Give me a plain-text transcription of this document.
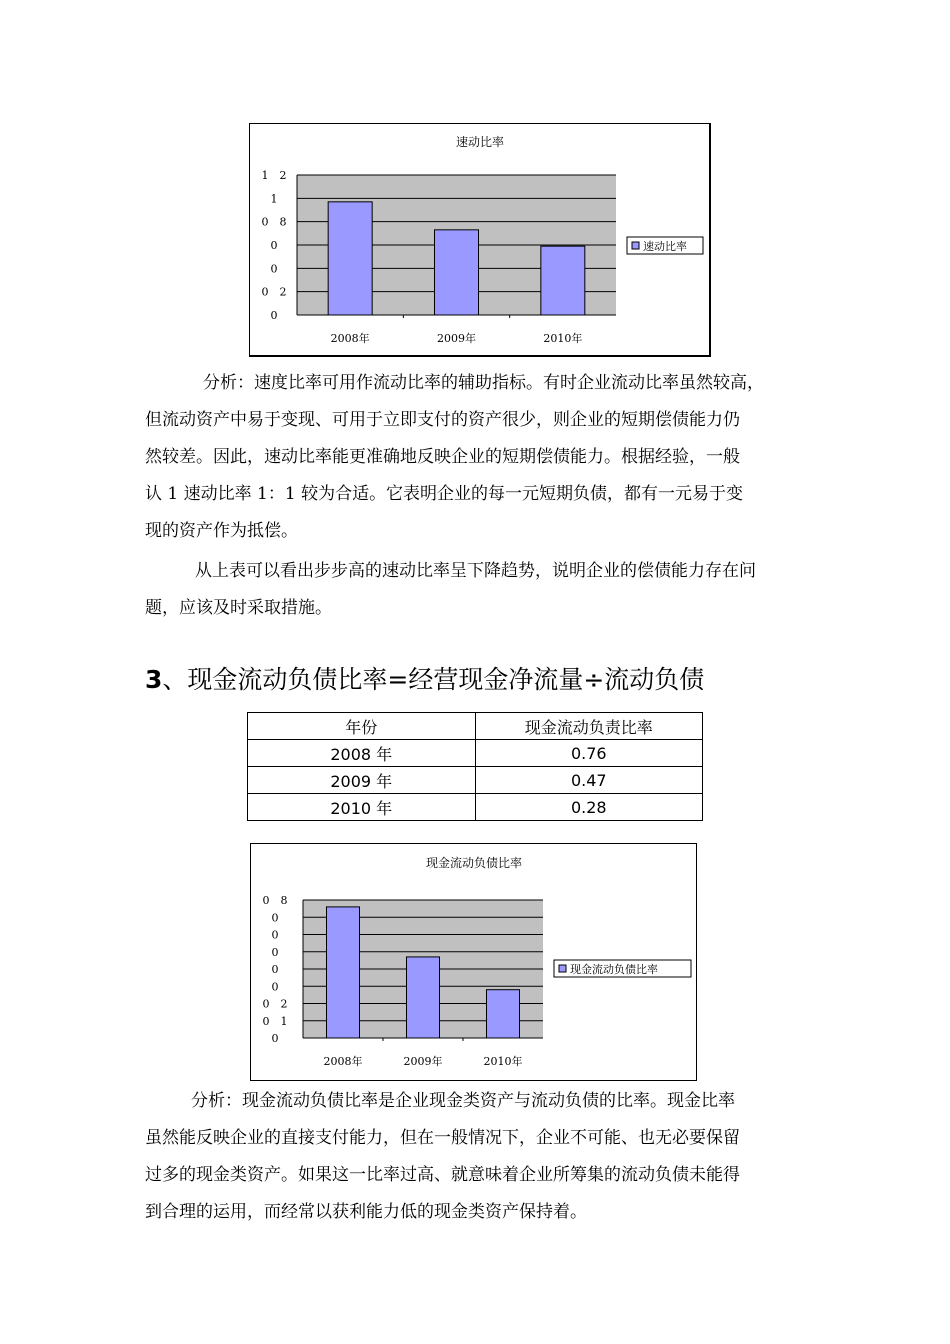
速动比率
0
0 2
0
0
0 8
1
1 2
2008年	2009年	2010年
速动比率
分析：速度比率可用作流动比率的辅助指标。有时企业流动比率虽然较高，
但流动资产中易于变现、可用于立即支付的资产很少，则企业的短期偿债能力仍
然较差。因此，速动比率能更准确地反映企业的短期偿债能力。根据经验，一般
认 1 速动比率 1：1 较为合适。它表明企业的每一元短期负债，都有一元易于变
现的资产作为抵偿。
从上表可以看出步步高的速动比率呈下降趋势，说明企业的偿债能力存在问
题，应该及时采取措施。
3、现金流动负债比率=经营现金净流量÷流动负债
年份	现金流动负责比率
2008 年	0.76
2009 年	0.47
2010 年	0.28
现金流动负债比率
0
0 1
0 2
0
0
0
0
0
0 8
2008年	2009年	2010年
现金流动负债比率
分析：现金流动负债比率是企业现金类资产与流动负债的比率。现金比率
虽然能反映企业的直接支付能力，但在一般情况下，企业不可能、也无必要保留
过多的现金类资产。如果这一比率过高、就意味着企业所筹集的流动负债未能得
到合理的运用，而经常以获利能力低的现金类资产保持着。
